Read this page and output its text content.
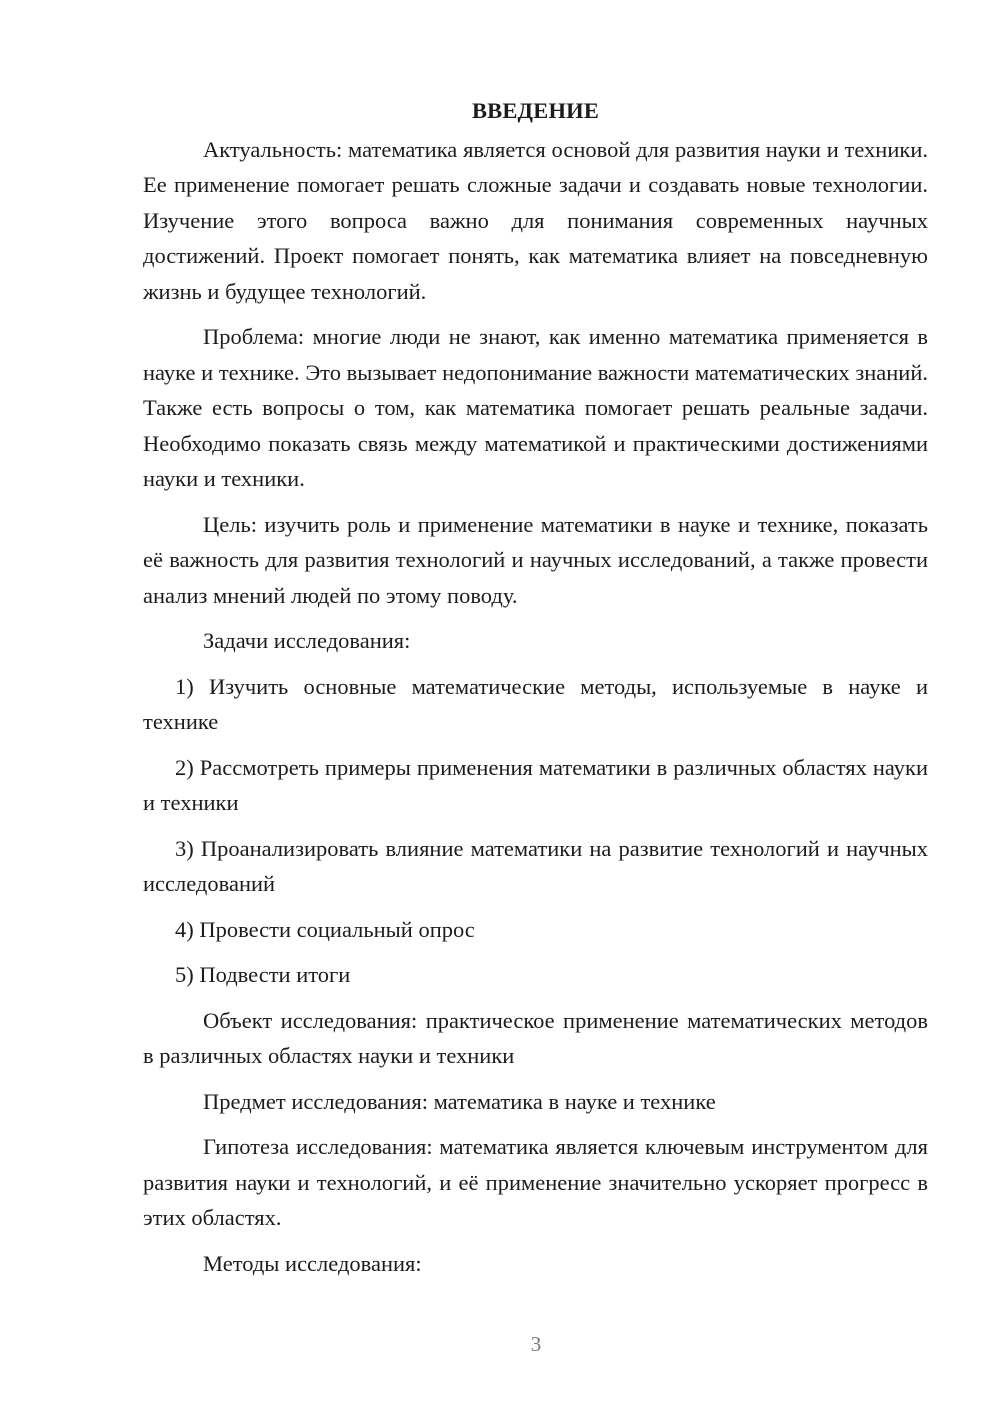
ВВЕДЕНИЕ

Актуальность: математика является основой для развития науки и техники. Ее применение помогает решать сложные задачи и создавать новые технологии. Изучение этого вопроса важно для понимания современных научных достижений. Проект помогает понять, как математика влияет на повседневную жизнь и будущее технологий.

Проблема: многие люди не знают, как именно математика применяется в науке и технике. Это вызывает недопонимание важности математических знаний. Также есть вопросы о том, как математика помогает решать реальные задачи. Необходимо показать связь между математикой и практическими достижениями науки и техники.

Цель: изучить роль и применение математики в науке и технике, показать её важность для развития технологий и научных исследований, а также провести анализ мнений людей по этому поводу.

Задачи исследования:

1) Изучить основные математические методы, используемые в науке и технике

2) Рассмотреть примеры применения математики в различных областях науки и техники

3) Проанализировать влияние математики на развитие технологий и научных исследований

4) Провести социальный опрос

5) Подвести итоги

Объект исследования: практическое применение математических методов в различных областях науки и техники

Предмет исследования: математика в науке и технике

Гипотеза исследования: математика является ключевым инструментом для развития науки и технологий, и её применение значительно ускоряет прогресс в этих областях.

Методы исследования:

3
